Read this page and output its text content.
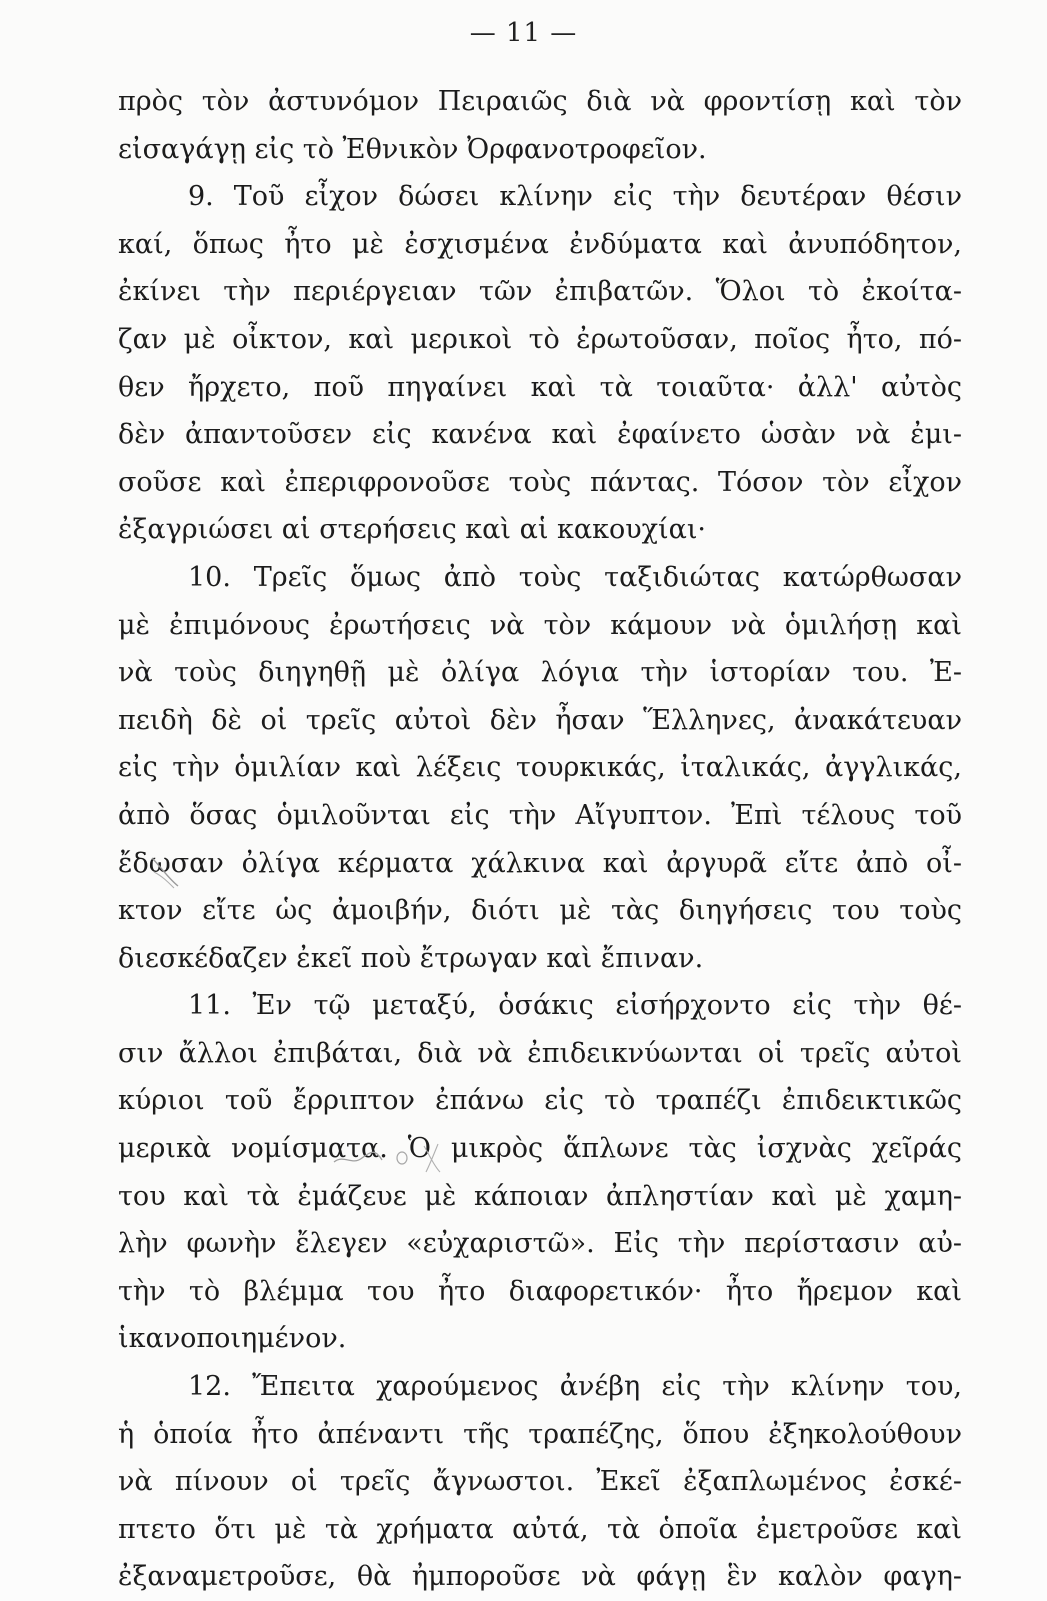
— 11 —
πρὸς τὸν ἀστυνόμον Πειραιῶς διὰ νὰ φροντίσῃ καὶ τὸν
εἰσαγάγῃ εἰς τὸ Ἐθνικὸν Ὀρφανοτροφεῖον.
9. Τοῦ εἶχον δώσει κλίνην εἰς τὴν δευτέραν θέσιν
καί, ὅπως ἦτο μὲ ἐσχισμένα ἐνδύματα καὶ ἀνυπόδητον,
ἐκίνει τὴν περιέργειαν τῶν ἐπιβατῶν. Ὅλοι τὸ ἐκοίτα-
ζαν μὲ οἶκτον, καὶ μερικοὶ τὸ ἐρωτοῦσαν, ποῖος ἦτο, πό-
θεν ἤρχετο, ποῦ πηγαίνει καὶ τὰ τοιαῦτα· ἀλλ' αὐτὸς
δὲν ἀπαντοῦσεν εἰς κανένα καὶ ἐφαίνετο ὡσὰν νὰ ἐμι-
σοῦσε καὶ ἐπεριφρονοῦσε τοὺς πάντας. Τόσον τὸν εἶχον
ἐξαγριώσει αἱ στερήσεις καὶ αἱ κακουχίαι·
10. Τρεῖς ὅμως ἀπὸ τοὺς ταξιδιώτας κατώρθωσαν
μὲ ἐπιμόνους ἐρωτήσεις νὰ τὸν κάμουν νὰ ὁμιλήσῃ καὶ
νὰ τοὺς διηγηθῇ μὲ ὀλίγα λόγια τὴν ἱστορίαν του. Ἐ-
πειδὴ δὲ οἱ τρεῖς αὐτοὶ δὲν ἦσαν Ἕλληνες, ἀνακάτευαν
εἰς τὴν ὁμιλίαν καὶ λέξεις τουρκικάς, ἰταλικάς, ἀγγλικάς,
ἀπὸ ὅσας ὁμιλοῦνται εἰς τὴν Αἴγυπτον. Ἐπὶ τέλους τοῦ
ἔδωσαν ὀλίγα κέρματα χάλκινα καὶ ἀργυρᾶ εἴτε ἀπὸ οἶ-
κτον εἴτε ὡς ἀμοιβήν, διότι μὲ τὰς διηγήσεις του τοὺς
διεσκέδαζεν ἐκεῖ ποὺ ἔτρωγαν καὶ ἔπιναν.
11. Ἐν τῷ μεταξύ, ὁσάκις εἰσήρχοντο εἰς τὴν θέ-
σιν ἄλλοι ἐπιβάται, διὰ νὰ ἐπιδεικνύωνται οἱ τρεῖς αὐτοὶ
κύριοι τοῦ ἔρριπτον ἐπάνω εἰς τὸ τραπέζι ἐπιδεικτικῶς
μερικὰ νομίσματα. Ὁ μικρὸς ἅπλωνε τὰς ἰσχνὰς χεῖράς
του καὶ τὰ ἐμάζευε μὲ κάποιαν ἀπληστίαν καὶ μὲ χαμη-
λὴν φωνὴν ἔλεγεν «εὐχαριστῶ». Εἰς τὴν περίστασιν αὐ-
τὴν τὸ βλέμμα του ἦτο διαφορετικόν· ἦτο ἤρεμον καὶ
ἱκανοποιημένον.
12. Ἔπειτα χαρούμενος ἀνέβη εἰς τὴν κλίνην του,
ἡ ὁποία ἦτο ἀπέναντι τῆς τραπέζης, ὅπου ἐξηκολούθουν
νὰ πίνουν οἱ τρεῖς ἄγνωστοι. Ἐκεῖ ἐξαπλωμένος ἐσκέ-
πτετο ὅτι μὲ τὰ χρήματα αὐτά, τὰ ὁποῖα ἐμετροῦσε καὶ
ἐξαναμετροῦσε, θὰ ἠμποροῦσε νὰ φάγῃ ἓν καλὸν φαγη-
